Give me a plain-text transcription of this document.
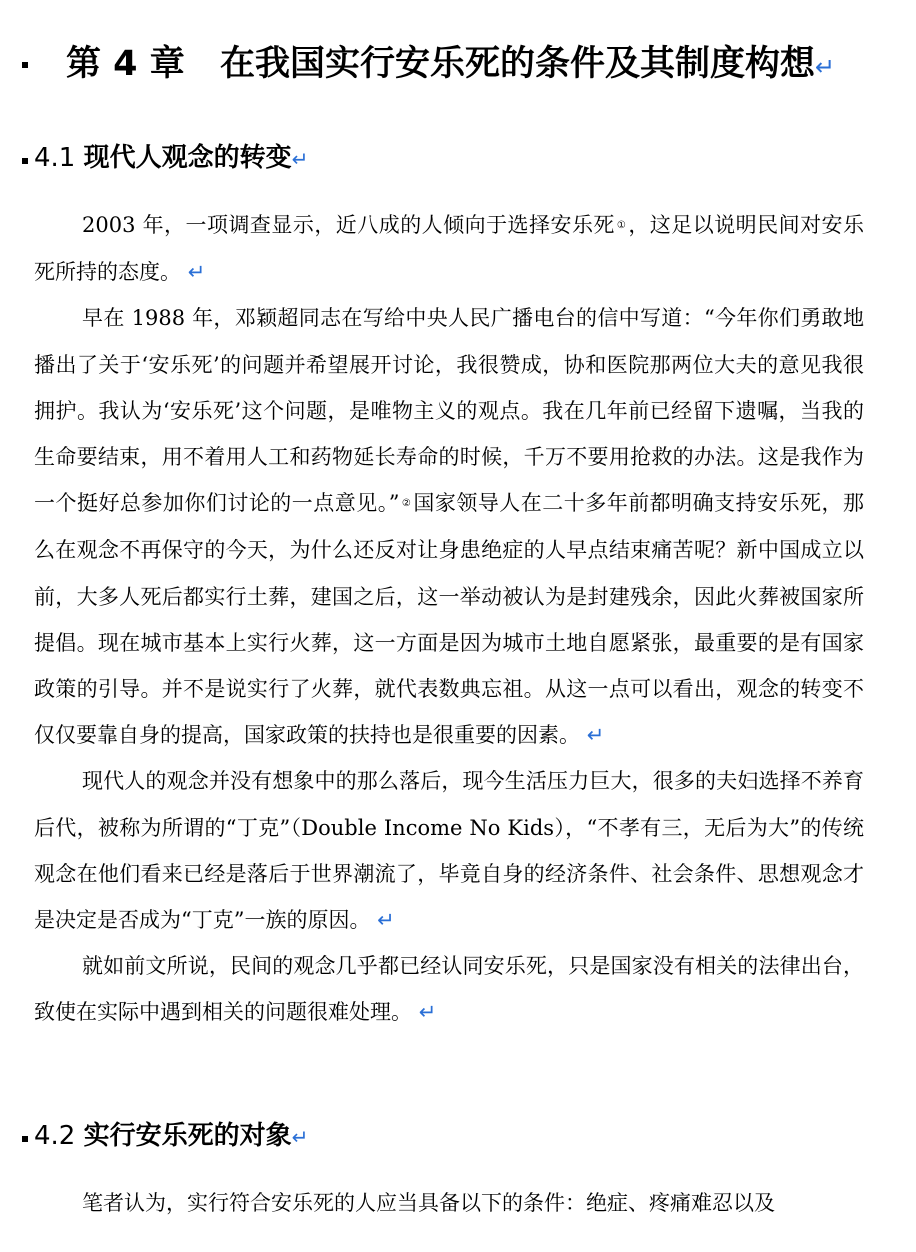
第 4 章 在我国实行安乐死的条件及其制度构想↵
4.1 现代人观念的转变↵

2003 年，一项调查显示，近八成的人倾向于选择安乐死 ①，这足以说明民间对安乐死所持的态度。 ↵

早在 1988 年，邓颖超同志在写给中央人民广播电台的信中写道：“今年你们勇敢地播出了关于‘安乐死’的问题并希望展开讨论，我很赞成，协和医院那两位大夫的意见我很拥护。我认为‘安乐死’这个问题，是唯物主义的观点。我在几年前已经留下遗嘱，当我的生命要结束，用不着用人工和药物延长寿命的时候，千万不要用抢救的办法。这是我作为一个挺好总参加你们讨论的一点意见。” ②国家领导人在二十多年前都明确支持安乐死，那么在观念不再保守的今天，为什么还反对让身患绝症的人早点结束痛苦呢？新中国成立以前，大多人死后都实行土葬，建国之后，这一举动被认为是封建残余，因此火葬被国家所提倡。现在城市基本上实行火葬，这一方面是因为城市土地自愿紧张，最重要的是有国家政策的引导。并不是说实行了火葬，就代表数典忘祖。从这一点可以看出，观念的转变不仅仅要靠自身的提高，国家政策的扶持也是很重要的因素。 ↵

现代人的观念并没有想象中的那么落后，现今生活压力巨大，很多的夫妇选择不养育后代，被称为所谓的“丁克”（Double Income No Kids），“不孝有三，无后为大”的传统观念在他们看来已经是落后于世界潮流了，毕竟自身的经济条件、社会条件、思想观念才是决定是否成为“丁克”一族的原因。 ↵

就如前文所说，民间的观念几乎都已经认同安乐死，只是国家没有相关的法律出台，致使在实际中遇到相关的问题很难处理。 ↵

4.2 实行安乐死的对象↵

笔者认为，实行符合安乐死的人应当具备以下的条件：绝症、疼痛难忍以及
